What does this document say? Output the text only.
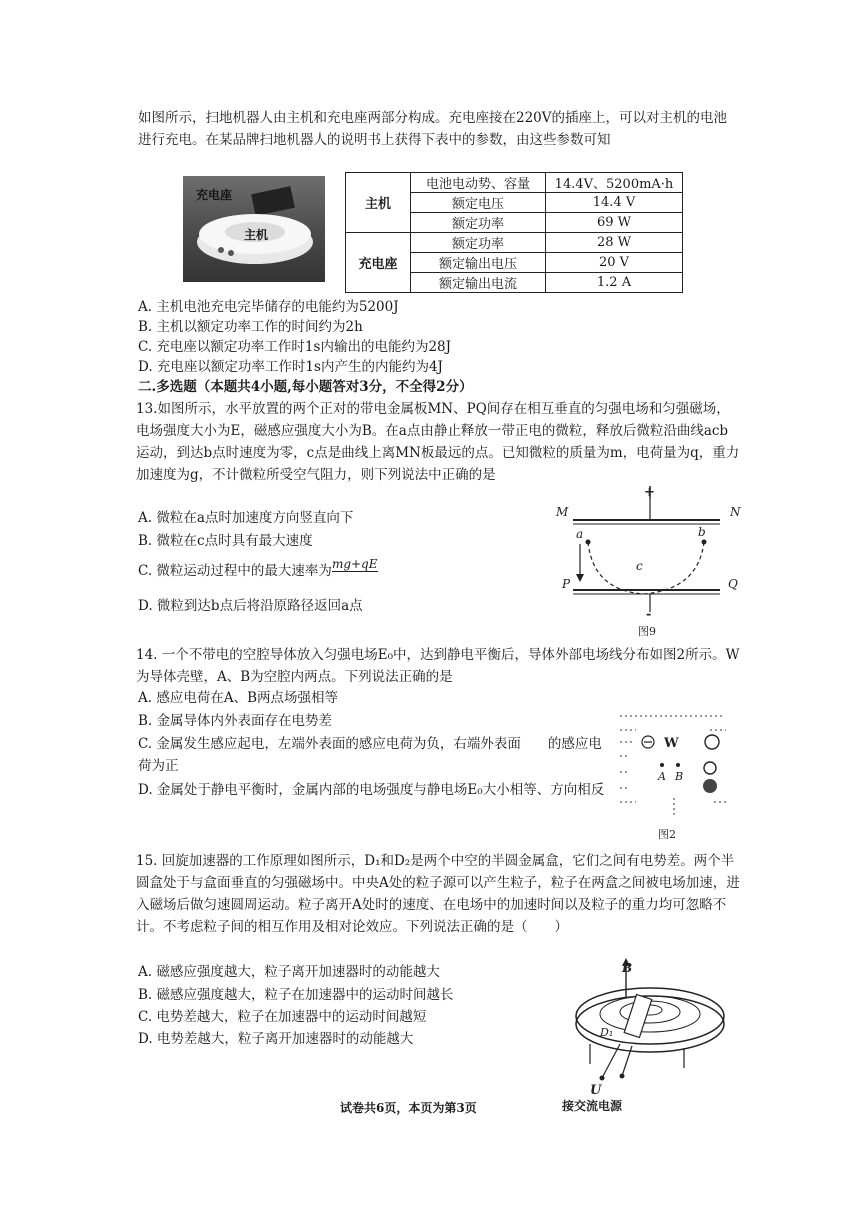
如图所示，扫地机器人由主机和充电座两部分构成。充电座接在220V的插座上，可以对主机的电池进行充电。在某品牌扫地机器人的说明书上获得下表中的参数，由这些参数可知

充电座
主机
主机	电池电动势、容量	14.4V、5200mA·h
	额定电压	14.4 V
	额定功率	69 W
充电座	额定功率	28 W
	额定输出电压	20 V
	额定输出电流	1.2 A

A. 主机电池充电完毕储存的电能约为5200J

B. 主机以额定功率工作的时间约为2h

C. 充电座以额定功率工作时1s内输出的电能约为28J

D. 充电座以额定功率工作时1s内产生的内能约为4J

二.多选题（本题共4小题,每小题答对3分，不全得2分）

13.如图所示，水平放置的两个正对的带电金属板MN、PQ间存在相互垂直的匀强电场和匀强磁场，电场强度大小为E，磁感应强度大小为B。在a点由静止释放一带正电的微粒，释放后微粒沿曲线acb运动，到达b点时速度为零，c点是曲线上离MN板最远的点。已知微粒的质量为m，电荷量为q，重力加速度为g，不计微粒所受空气阻力，则下列说法中正确的是

A. 微粒在a点时加速度方向竖直向下

B. 微粒在c点时具有最大速度

C. 微粒运动过程中的最大速率为 mg+qE

D. 微粒到达b点后将沿原路径返回a点

M	N
P	Q
a	b
c
+
-
图9

14. 一个不带电的空腔导体放入匀强电场E₀中，达到静电平衡后，导体外部电场线分布如图2所示。W为导体壳壁，A、B为空腔内两点。下列说法正确的是

A. 感应电荷在A、B两点场强相等

B. 金属导体内外表面存在电势差

C. 金属发生感应起电，左端外表面的感应电荷为负，右端外表面　　的感应电荷为正

D. 金属处于静电平衡时，金属内部的电场强度与静电场E₀大小相等、方向相反

W
A B
图2

15. 回旋加速器的工作原理如图所示，D₁和D₂是两个中空的半圆金属盒，它们之间有电势差。两个半圆盒处于与盒面垂直的匀强磁场中。中央A处的粒子源可以产生粒子，粒子在两盒之间被电场加速，进入磁场后做匀速圆周运动。粒子离开A处时的速度、在电场中的加速时间以及粒子的重力均可忽略不计。不考虑粒子间的相互作用及相对论效应。下列说法正确的是（　　）

A. 磁感应强度越大，粒子离开加速器时的动能越大

B. 磁感应强度越大，粒子在加速器中的运动时间越长

C. 电势差越大，粒子在加速器中的运动时间越短

D. 电势差越大，粒子离开加速器时的动能越大

B
D₁
U
接交流电源
试卷共6页，本页为第3页
